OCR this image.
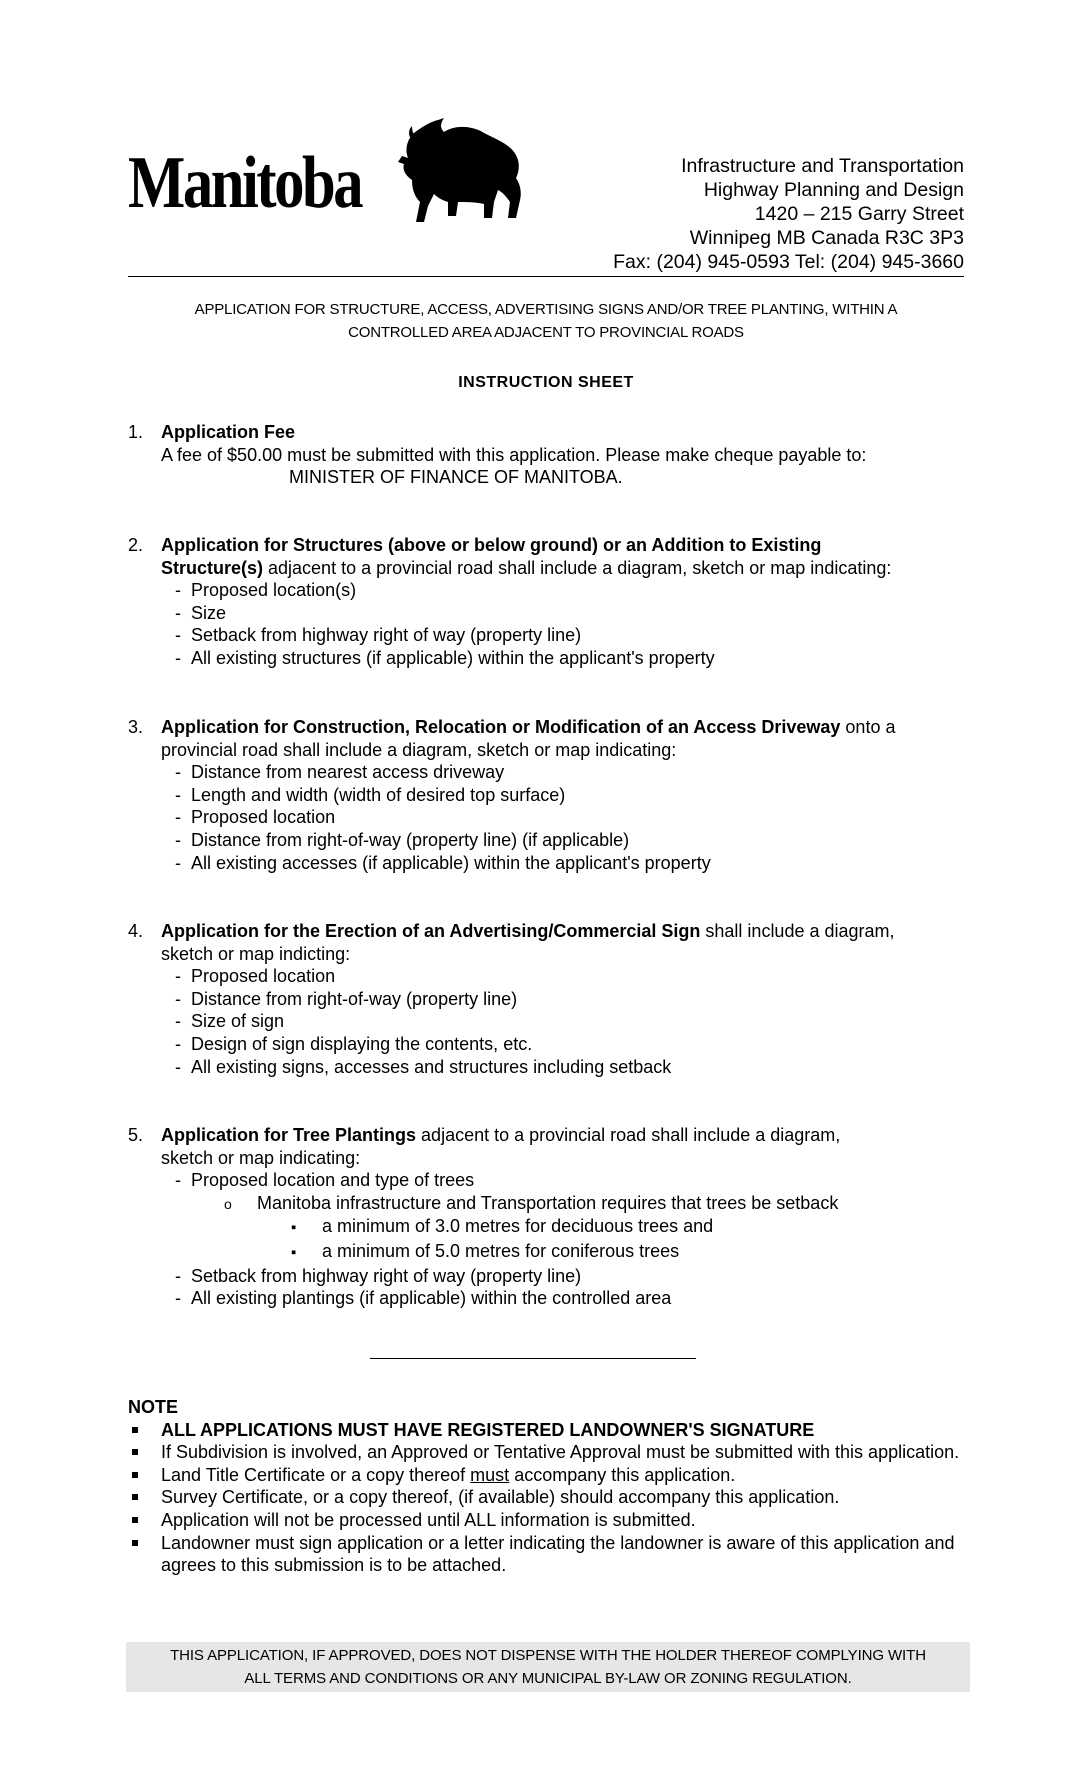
Manitoba	Infrastructure and Transportation
Highway Planning and Design
1420 – 215 Garry Street
Winnipeg MB Canada R3C 3P3
Fax: (204) 945-0593 Tel: (204) 945-3660
APPLICATION FOR STRUCTURE, ACCESS, ADVERTISING SIGNS AND/OR TREE PLANTING, WITHIN A
CONTROLLED AREA ADJACENT TO PROVINCIAL ROADS
INSTRUCTION SHEET
1. Application Fee
A fee of $50.00 must be submitted with this application. Please make cheque payable to:
MINISTER OF FINANCE OF MANITOBA.
2. Application for Structures (above or below ground) or an Addition to Existing
Structure(s) adjacent to a provincial road shall include a diagram, sketch or map indicating:
- Proposed location(s)
- Size
- Setback from highway right of way (property line)
- All existing structures (if applicable) within the applicant's property
3. Application for Construction, Relocation or Modification of an Access Driveway onto a
provincial road shall include a diagram, sketch or map indicating:
- Distance from nearest access driveway
- Length and width (width of desired top surface)
- Proposed location
- Distance from right-of-way (property line) (if applicable)
- All existing accesses (if applicable) within the applicant's property
4. Application for the Erection of an Advertising/Commercial Sign shall include a diagram,
sketch or map indicting:
- Proposed location
- Distance from right-of-way (property line)
- Size of sign
- Design of sign displaying the contents, etc.
- All existing signs, accesses and structures including setback
5. Application for Tree Plantings adjacent to a provincial road shall include a diagram,
sketch or map indicating:
- Proposed location and type of trees
o Manitoba infrastructure and Transportation requires that trees be setback
▪ a minimum of 3.0 metres for deciduous trees and
▪ a minimum of 5.0 metres for coniferous trees
- Setback from highway right of way (property line)
- All existing plantings (if applicable) within the controlled area
NOTE
ALL APPLICATIONS MUST HAVE REGISTERED LANDOWNER'S SIGNATURE
If Subdivision is involved, an Approved or Tentative Approval must be submitted with this application.
Land Title Certificate or a copy thereof must accompany this application.
Survey Certificate, or a copy thereof, (if available) should accompany this application.
Application will not be processed until ALL information is submitted.
Landowner must sign application or a letter indicating the landowner is aware of this application and agrees to this submission is to be attached.
THIS APPLICATION, IF APPROVED, DOES NOT DISPENSE WITH THE HOLDER THEREOF COMPLYING WITH
ALL TERMS AND CONDITIONS OR ANY MUNICIPAL BY-LAW OR ZONING REGULATION.
